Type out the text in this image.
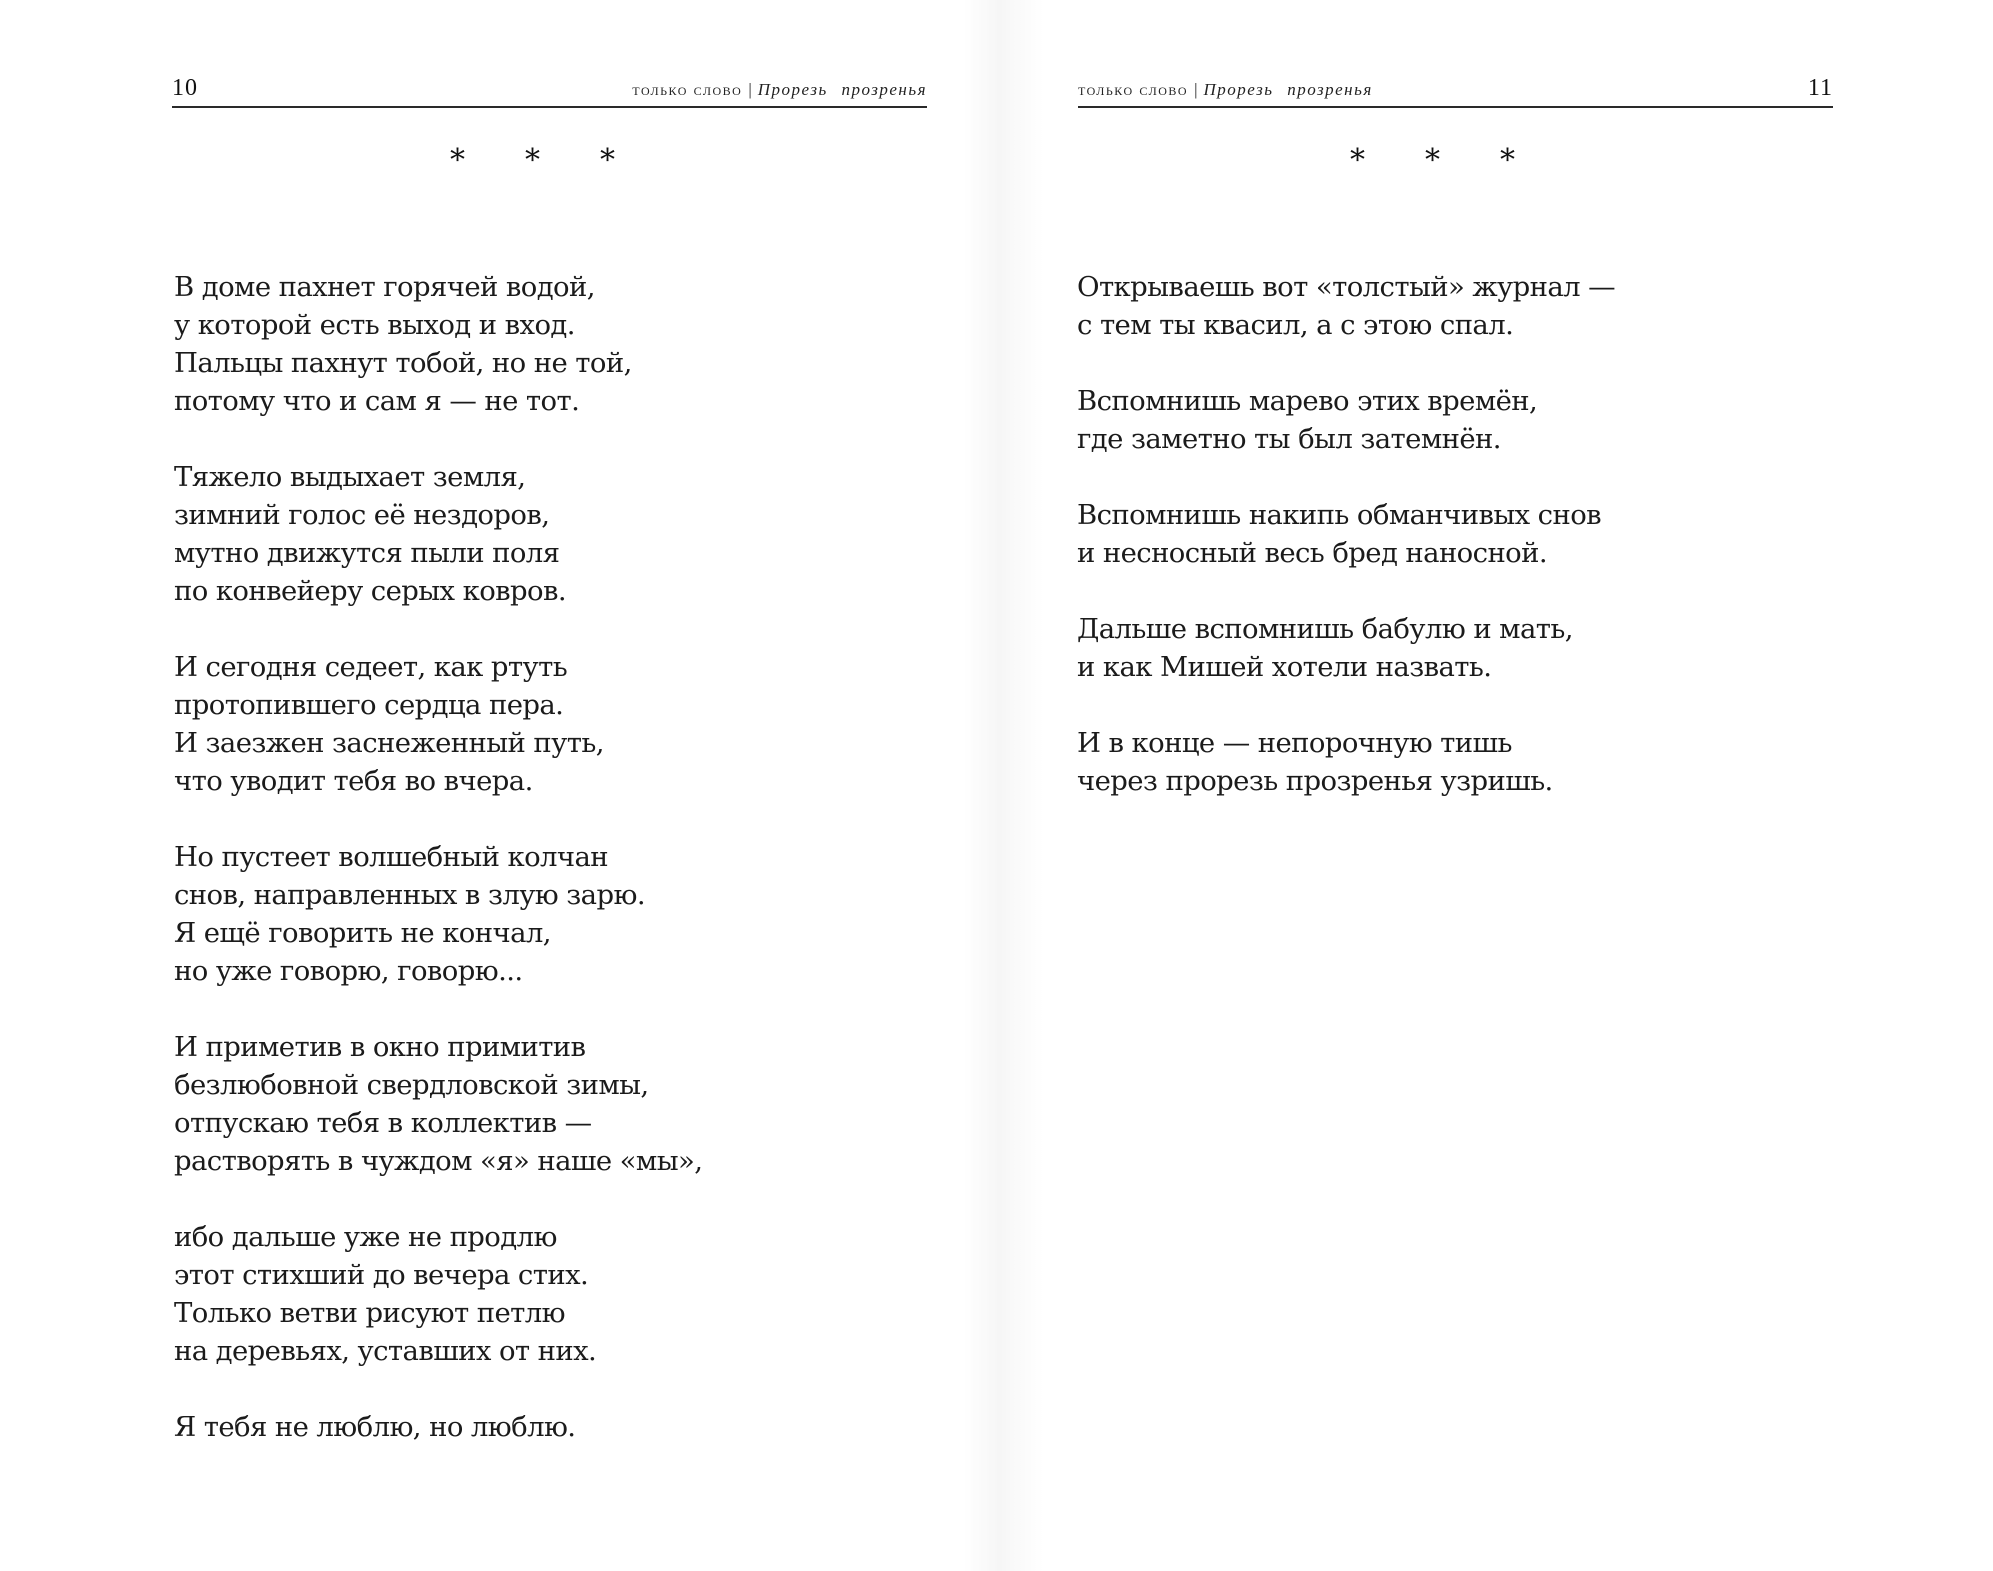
10	только слово | Прорезь прозренья
* * *
В доме пахнет горячей водой,
у которой есть выход и вход.
Пальцы пахнут тобой, но не той,
потому что и сам я — не тот.
Тяжело выдыхает земля,
зимний голос её нездоров,
мутно движутся пыли поля
по конвейеру серых ковров.
И сегодня седеет, как ртуть
протопившего сердца пера.
И заезжен заснеженный путь,
что уводит тебя во вчера.
Но пустеет волшебный колчан
снов, направленных в злую зарю.
Я ещё говорить не кончал,
но уже говорю, говорю...
И приметив в окно примитив
безлюбовной свердловской зимы,
отпускаю тебя в коллектив —
растворять в чуждом «я» наше «мы»,
ибо дальше уже не продлю
этот стихший до вечера стих.
Только ветви рисуют петлю
на деревьях, уставших от них.
Я тебя не люблю, но люблю.
только слово | Прорезь прозренья	11
* * *
Открываешь вот «толстый» журнал —
с тем ты квасил, а с этою спал.
Вспомнишь марево этих времён,
где заметно ты был затемнён.
Вспомнишь накипь обманчивых снов
и несносный весь бред наносной.
Дальше вспомнишь бабулю и мать,
и как Мишей хотели назвать.
И в конце — непорочную тишь
через прорезь прозренья узришь.
